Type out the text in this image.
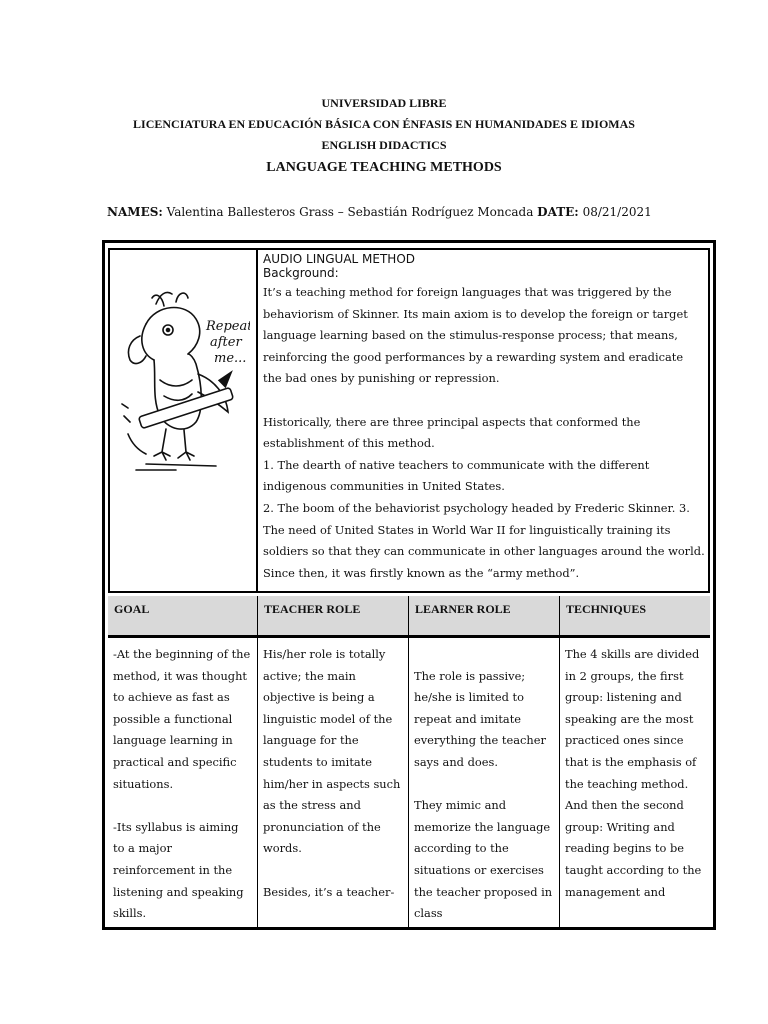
UNIVERSIDAD LIBRE
LICENCIATURA EN EDUCACIÓN BÁSICA CON ÉNFASIS EN HUMANIDADES E IDIOMAS
ENGLISH DIDACTICS
LANGUAGE TEACHING METHODS
NAMES: Valentina Ballesteros Grass – Sebastián Rodríguez Moncada DATE: 08/21/2021
Repeat
after
me...
AUDIO LINGUAL METHOD
Background:

It’s a teaching method for foreign languages that was triggered by the behaviorism of Skinner. Its main axiom is to develop the foreign or target language learning based on the stimulus-response process; that means, reinforcing the good performances by a rewarding system and eradicate the bad ones by punishing or repression.

Historically, there are three principal aspects that conformed the establishment of this method.

1. The dearth of native teachers to communicate with the different indigenous communities in United States.

2. The boom of the behaviorist psychology headed by Frederic Skinner. 3. The need of United States in World War II for linguistically training its soldiers so that they can communicate in other languages around the world. Since then, it was firstly known as the “army method”.

GOAL

-At the beginning of the method, it was thought to achieve as fast as possible a functional language learning in practical and specific situations.

-Its syllabus is aiming to a major reinforcement in the listening and speaking skills.

TEACHER ROLE

His/her role is totally active; the main objective is being a linguistic model of the language for the students to imitate him/her in aspects such as the stress and pronunciation of the words.

Besides, it’s a teacher-

LEARNER ROLE

The role is passive; he/she is limited to repeat and imitate everything the teacher says and does.

They mimic and memorize the language according to the situations or exercises the teacher proposed in class

TECHNIQUES

The 4 skills are divided in 2 groups, the first group: listening and speaking are the most practiced ones since that is the emphasis of the teaching method. And then the second group: Writing and reading begins to be taught according to the management and
